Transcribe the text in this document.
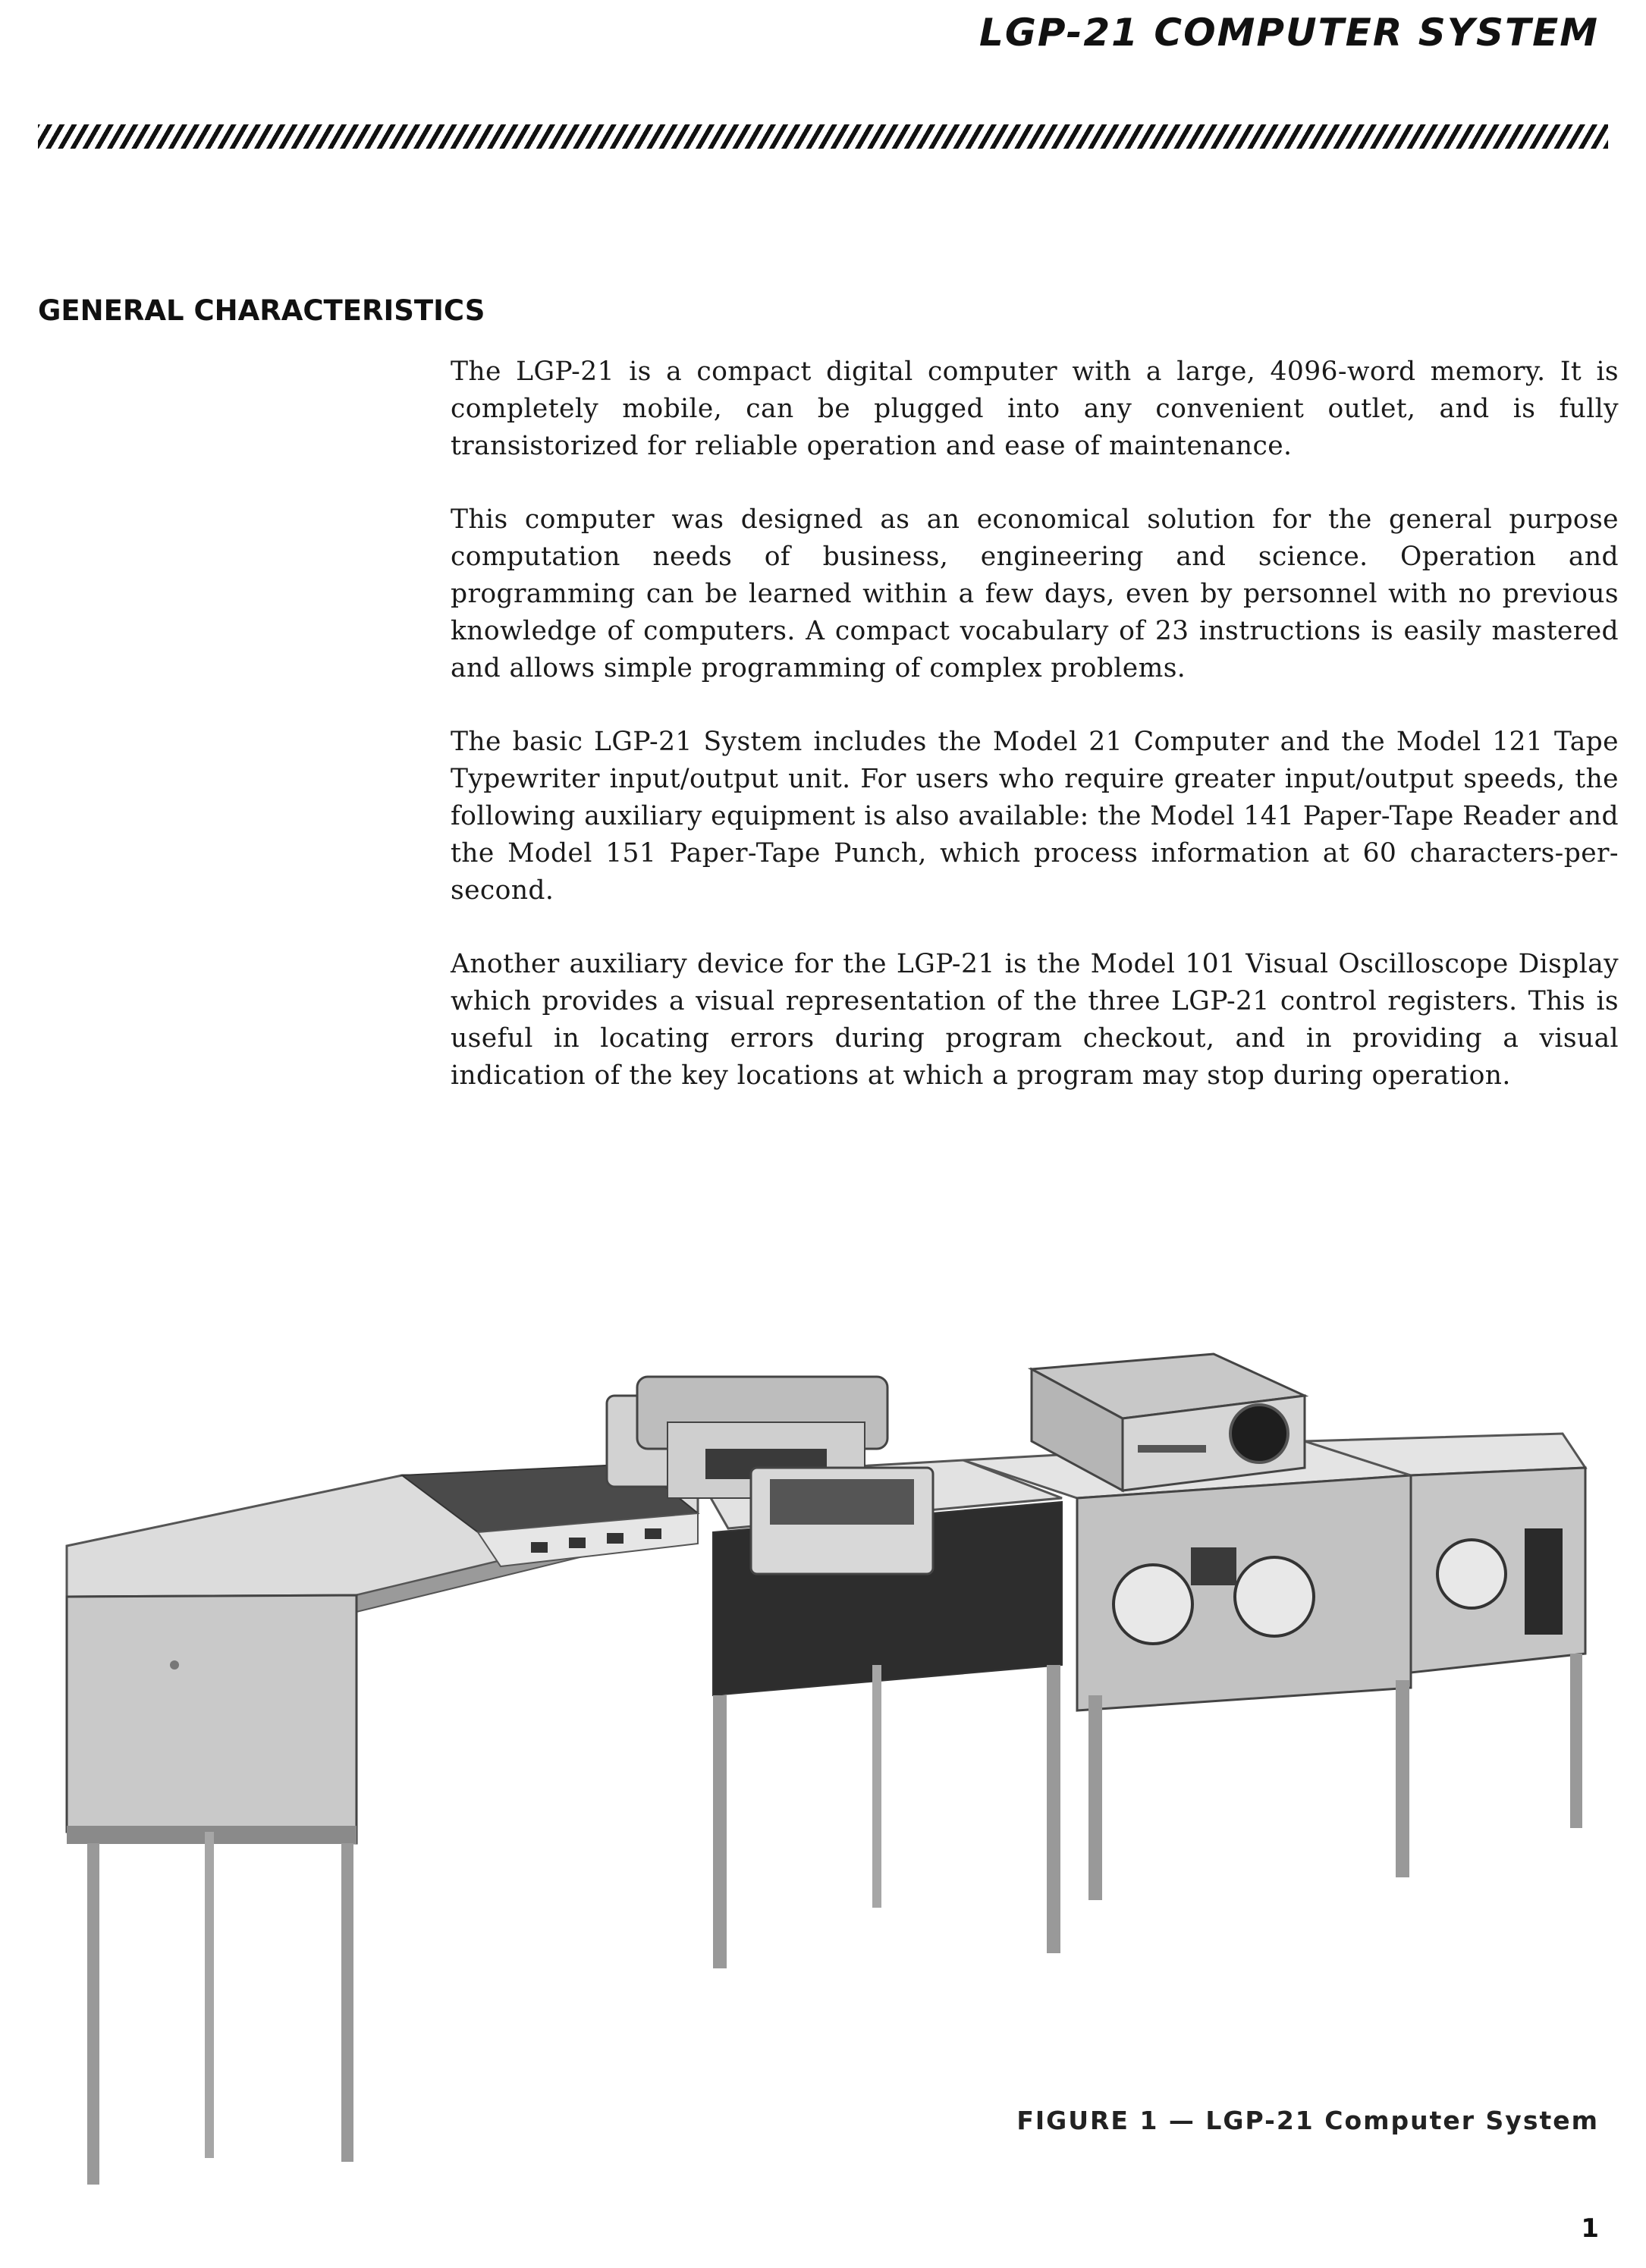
LGP-21 COMPUTER SYSTEM
GENERAL CHARACTERISTICS

The LGP-21 is a compact digital computer with a large, 4096-word memory. It is completely mobile, can be plugged into any convenient outlet, and is fully transistorized for reliable operation and ease of maintenance.

This computer was designed as an economical solution for the general purpose computation needs of business, engineering and science. Operation and programming can be learned within a few days, even by personnel with no previous knowledge of computers. A compact vocabulary of 23 instructions is easily mastered and allows simple programming of complex problems.

The basic LGP-21 System includes the Model 21 Computer and the Model 121 Tape Typewriter input/output unit. For users who require greater input/output speeds, the following auxiliary equipment is also available: the Model 141 Paper-Tape Reader and the Model 151 Paper-Tape Punch, which process information at 60 characters-per-second.

Another auxiliary device for the LGP-21 is the Model 101 Visual Oscilloscope Display which provides a visual representation of the three LGP-21 control registers. This is useful in locating errors during program checkout, and in providing a visual indication of the key locations at which a program may stop during operation.

FIGURE 1 — LGP-21 Computer System
1
